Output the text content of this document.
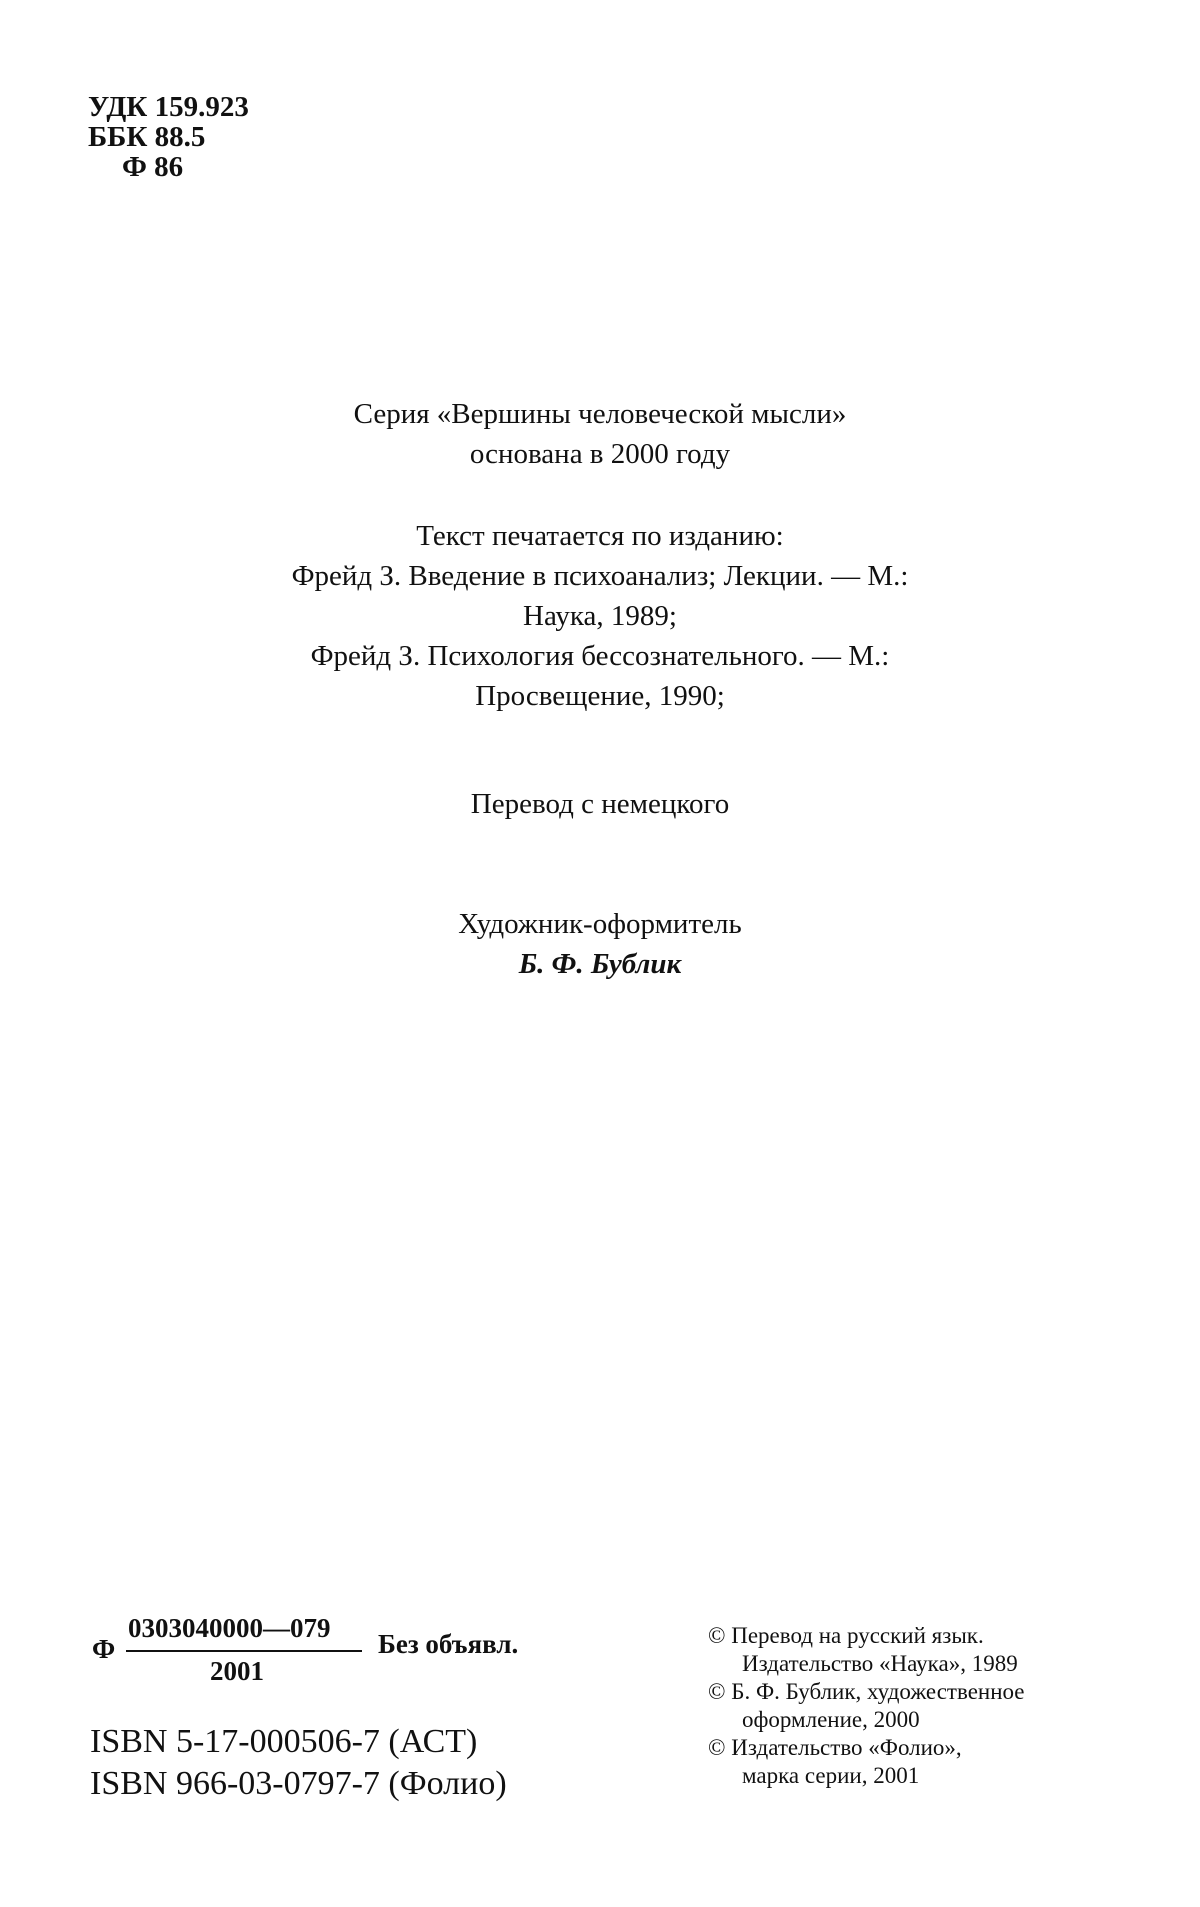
УДК 159.923
ББК 88.5
Ф 86
Серия «Вершины человеческой мысли»
основана в 2000 году
Текст печатается по изданию:
Фрейд З. Введение в психоанализ; Лекции. — М.:
Наука, 1989;
Фрейд З. Психология бессознательного. — М.:
Просвещение, 1990;
Перевод с немецкого
Художник-оформитель
Б. Ф. Бублик
Ф
0303040000—079
2001
Без объявл.
ISBN 5-17-000506-7 (АСТ)
ISBN 966-03-0797-7 (Фолио)
© Перевод на русский язык.
Издательство «Наука», 1989
© Б. Ф. Бублик, художественное
оформление, 2000
© Издательство «Фолио»,
марка серии, 2001
